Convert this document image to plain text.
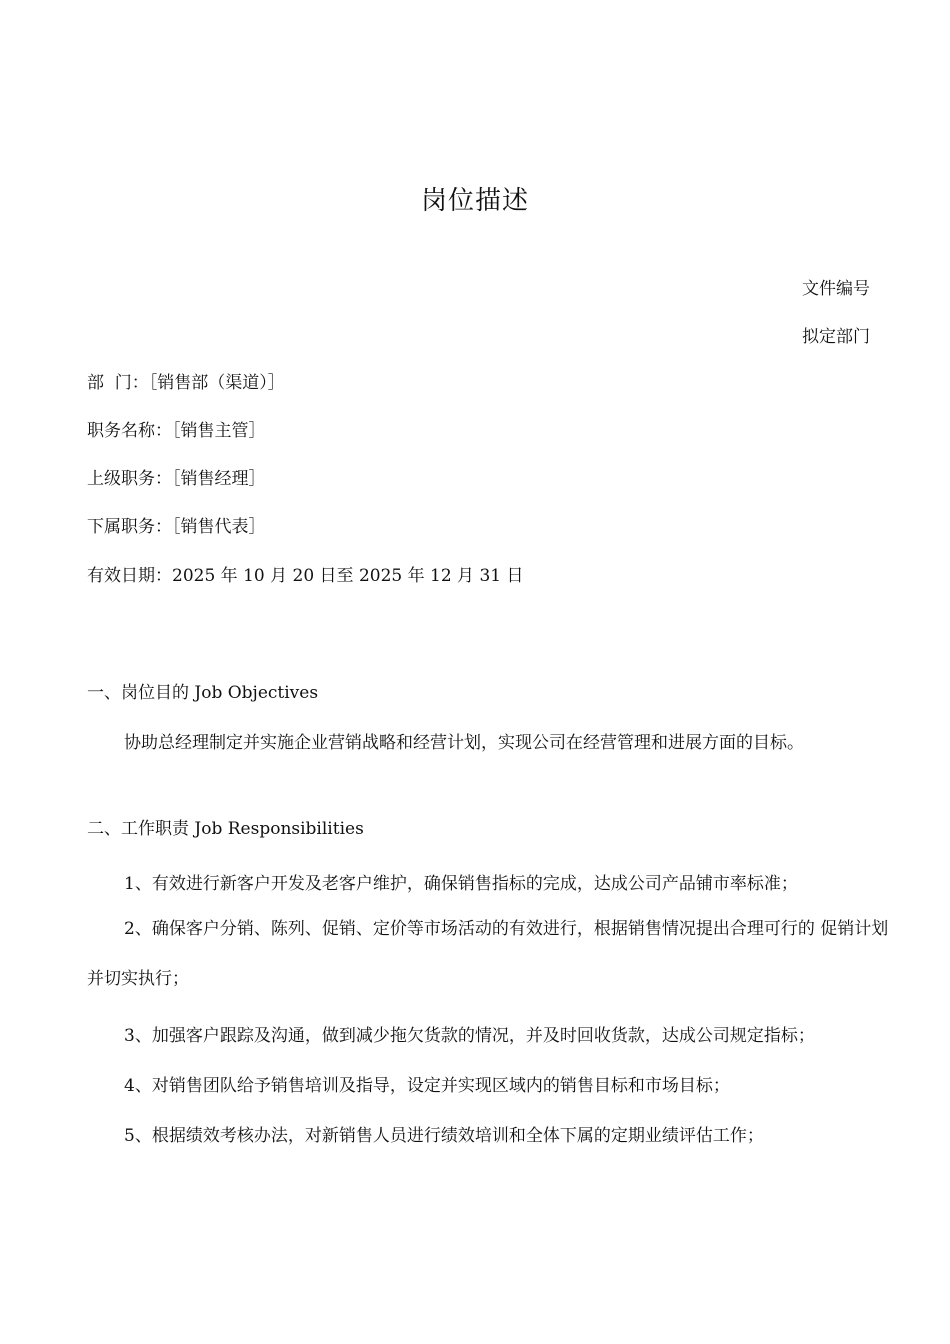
岗位描述
文件编号
拟定部门
部  门：［销售部（渠道）］
职务名称：［销售主管］
上级职务：［销售经理］
下属职务：［销售代表］
有效日期：2025 年 10 月 20 日至 2025 年 12 月 31 日
一、岗位目的 Job Objectives
协助总经理制定并实施企业营销战略和经营计划，实现公司在经营管理和进展方面的目标。
二、工作职责 Job Responsibilities
1、有效进行新客户开发及老客户维护，确保销售指标的完成，达成公司产品铺市率标准；
2、确保客户分销、陈列、促销、定价等市场活动的有效进行，根据销售情况提出合理可行的 促销计划并切实执行；
3、加强客户跟踪及沟通，做到减少拖欠货款的情况，并及时回收货款，达成公司规定指标；
4、对销售团队给予销售培训及指导，设定并实现区域内的销售目标和市场目标；
5、根据绩效考核办法，对新销售人员进行绩效培训和全体下属的定期业绩评估工作；
